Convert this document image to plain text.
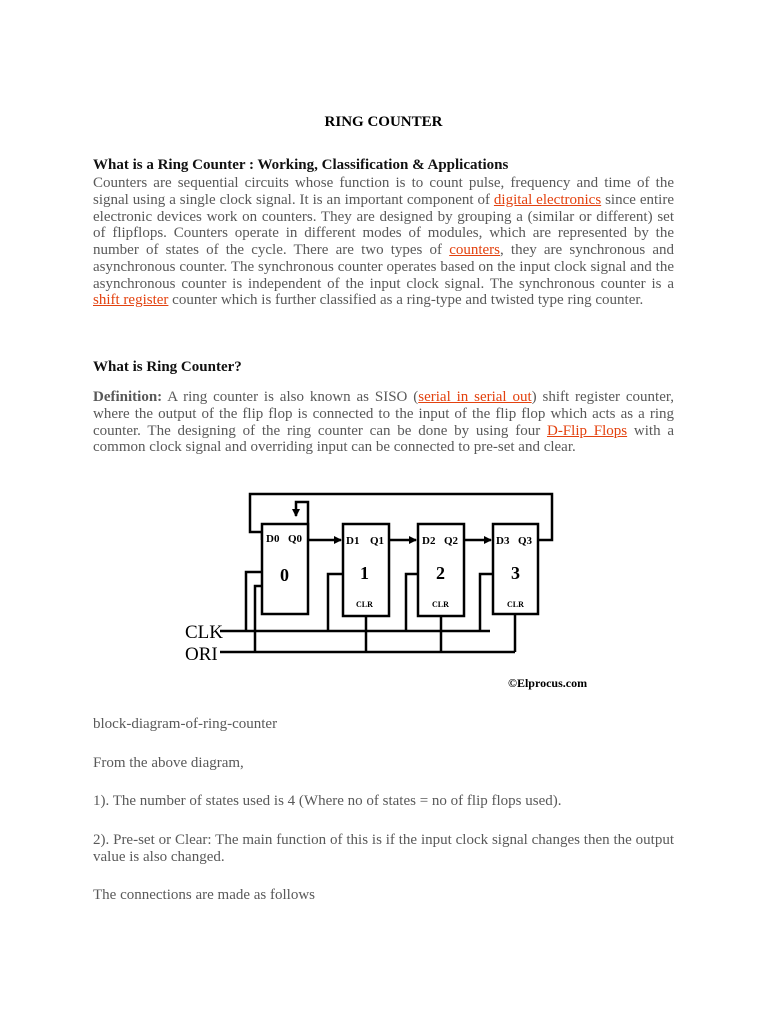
RING COUNTER
What is a Ring Counter : Working, Classification & Applications
Counters are sequential circuits whose function is to count pulse, frequency and time of the signal using a single clock signal. It is an important component of digital electronics since entire electronic devices work on counters. They are designed by grouping a (similar or different) set of flipflops. Counters operate in different modes of modules, which are represented by the number of states of the cycle. There are two types of counters, they are synchronous and asynchronous counter. The synchronous counter operates based on the input clock signal and the asynchronous counter is independent of the input clock signal. The synchronous counter is a shift register counter which is further classified as a ring-type and twisted type ring counter.
What is Ring Counter?
Definition: A ring counter is also known as SISO (serial in serial out) shift register counter, where the output of the flip flop is connected to the input of the flip flop which acts as a ring counter. The designing of the ring counter can be done by using four D-Flip Flops with a common clock signal and overriding input can be connected to pre-set and clear.
block-diagram-of-ring-counter
From the above diagram,
1). The number of states used is 4 (Where no of states = no of flip flops used).
2). Pre-set or Clear: The main function of this is if the input clock signal changes then the output value is also changed.
The connections are made as follows
D0 Q0
0
D1 Q1
1
CLR
D2 Q2
2
CLR
D3 Q3
3
CLR
CLK
ORI
©Elprocus.com
